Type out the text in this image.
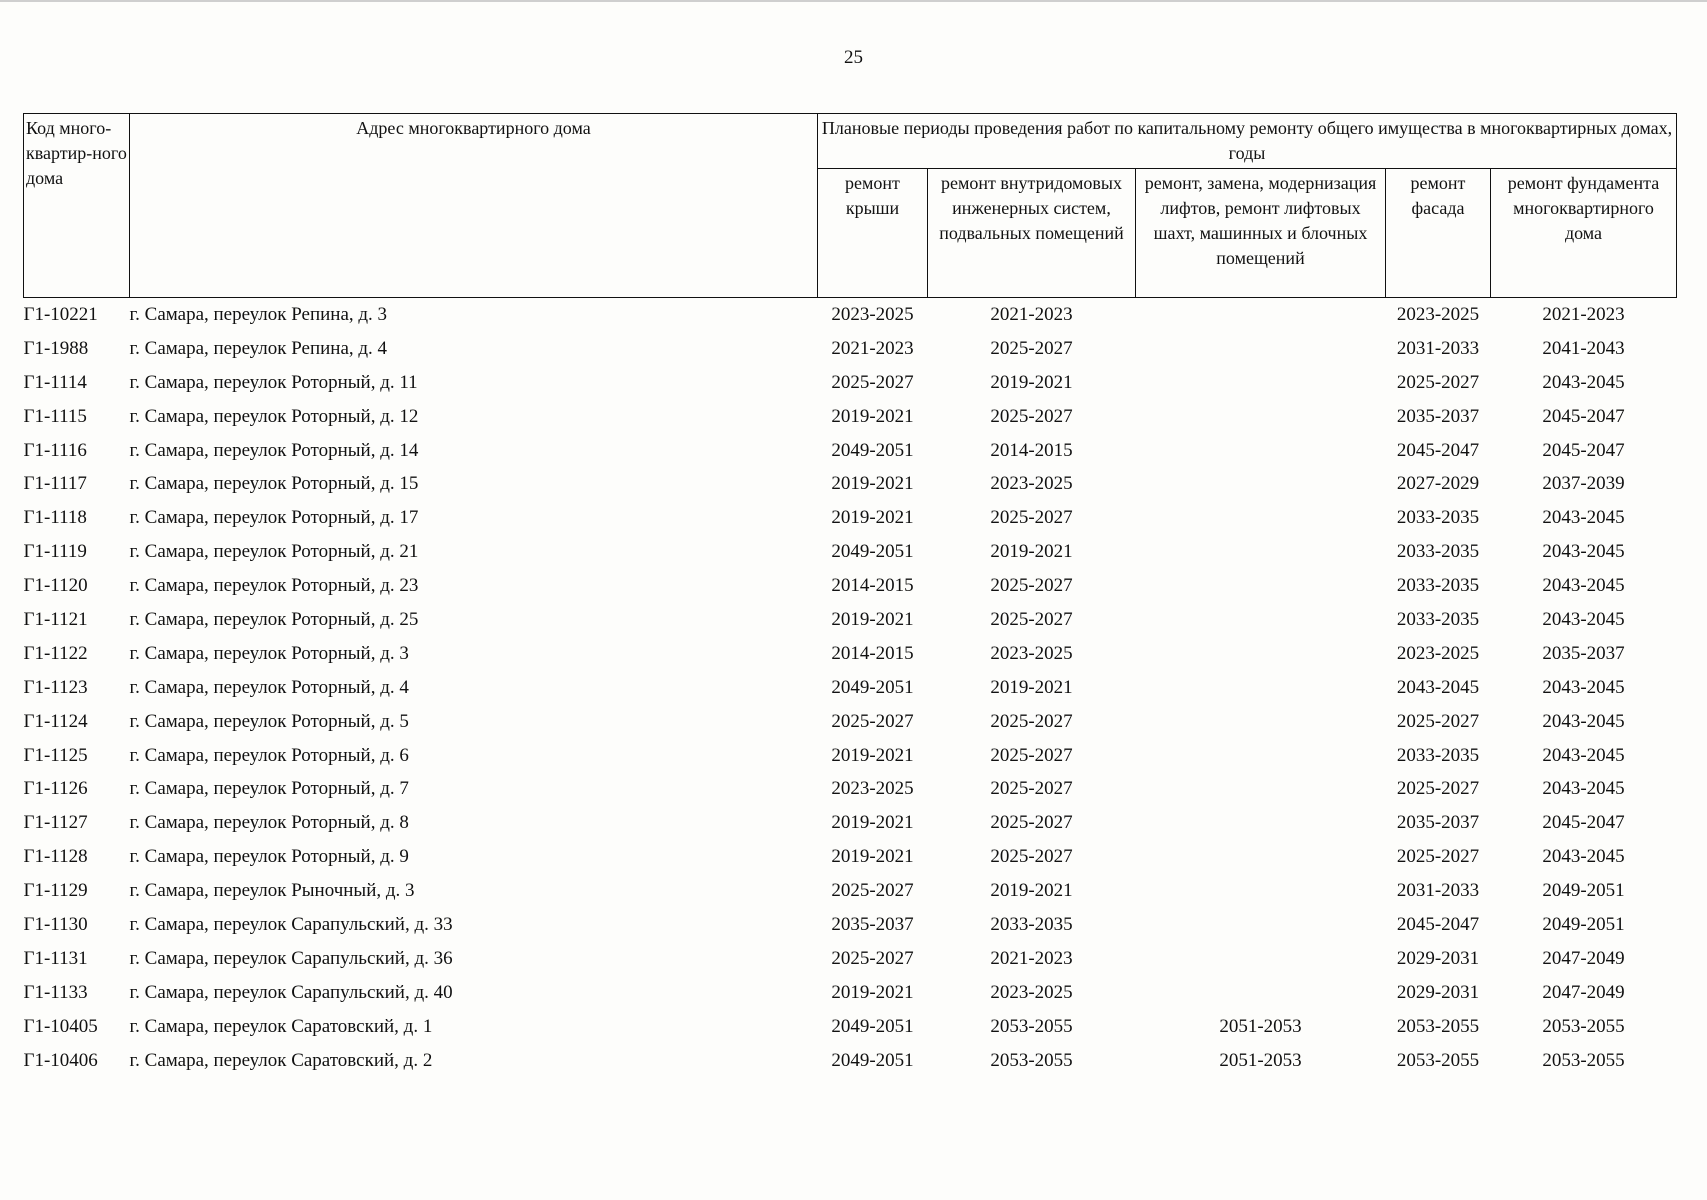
25
Код много-квартир-ного дома	Адрес многоквартирного дома	Плановые периоды проведения работ по капитальному ремонту общего имущества в многоквартирных домах, годы				
		ремонт крыши	ремонт внутридомовых инженерных систем, подвальных помещений	ремонт, замена, модернизация лифтов, ремонт лифтовых шахт, машинных и блочных помещений	ремонт фасада	ремонт фундамента многоквартирного дома
Г1-10221	г. Самара, переулок Репина, д. 3	2023-2025	2021-2023		2023-2025	2021-2023
Г1-1988	г. Самара, переулок Репина, д. 4	2021-2023	2025-2027		2031-2033	2041-2043
Г1-1114	г. Самара, переулок Роторный, д. 11	2025-2027	2019-2021		2025-2027	2043-2045
Г1-1115	г. Самара, переулок Роторный, д. 12	2019-2021	2025-2027		2035-2037	2045-2047
Г1-1116	г. Самара, переулок Роторный, д. 14	2049-2051	2014-2015		2045-2047	2045-2047
Г1-1117	г. Самара, переулок Роторный, д. 15	2019-2021	2023-2025		2027-2029	2037-2039
Г1-1118	г. Самара, переулок Роторный, д. 17	2019-2021	2025-2027		2033-2035	2043-2045
Г1-1119	г. Самара, переулок Роторный, д. 21	2049-2051	2019-2021		2033-2035	2043-2045
Г1-1120	г. Самара, переулок Роторный, д. 23	2014-2015	2025-2027		2033-2035	2043-2045
Г1-1121	г. Самара, переулок Роторный, д. 25	2019-2021	2025-2027		2033-2035	2043-2045
Г1-1122	г. Самара, переулок Роторный, д. 3	2014-2015	2023-2025		2023-2025	2035-2037
Г1-1123	г. Самара, переулок Роторный, д. 4	2049-2051	2019-2021		2043-2045	2043-2045
Г1-1124	г. Самара, переулок Роторный, д. 5	2025-2027	2025-2027		2025-2027	2043-2045
Г1-1125	г. Самара, переулок Роторный, д. 6	2019-2021	2025-2027		2033-2035	2043-2045
Г1-1126	г. Самара, переулок Роторный, д. 7	2023-2025	2025-2027		2025-2027	2043-2045
Г1-1127	г. Самара, переулок Роторный, д. 8	2019-2021	2025-2027		2035-2037	2045-2047
Г1-1128	г. Самара, переулок Роторный, д. 9	2019-2021	2025-2027		2025-2027	2043-2045
Г1-1129	г. Самара, переулок Рыночный, д. 3	2025-2027	2019-2021		2031-2033	2049-2051
Г1-1130	г. Самара, переулок Сарапульский, д. 33	2035-2037	2033-2035		2045-2047	2049-2051
Г1-1131	г. Самара, переулок Сарапульский, д. 36	2025-2027	2021-2023		2029-2031	2047-2049
Г1-1133	г. Самара, переулок Сарапульский, д. 40	2019-2021	2023-2025		2029-2031	2047-2049
Г1-10405	г. Самара, переулок Саратовский, д. 1	2049-2051	2053-2055	2051-2053	2053-2055	2053-2055
Г1-10406	г. Самара, переулок Саратовский, д. 2	2049-2051	2053-2055	2051-2053	2053-2055	2053-2055
